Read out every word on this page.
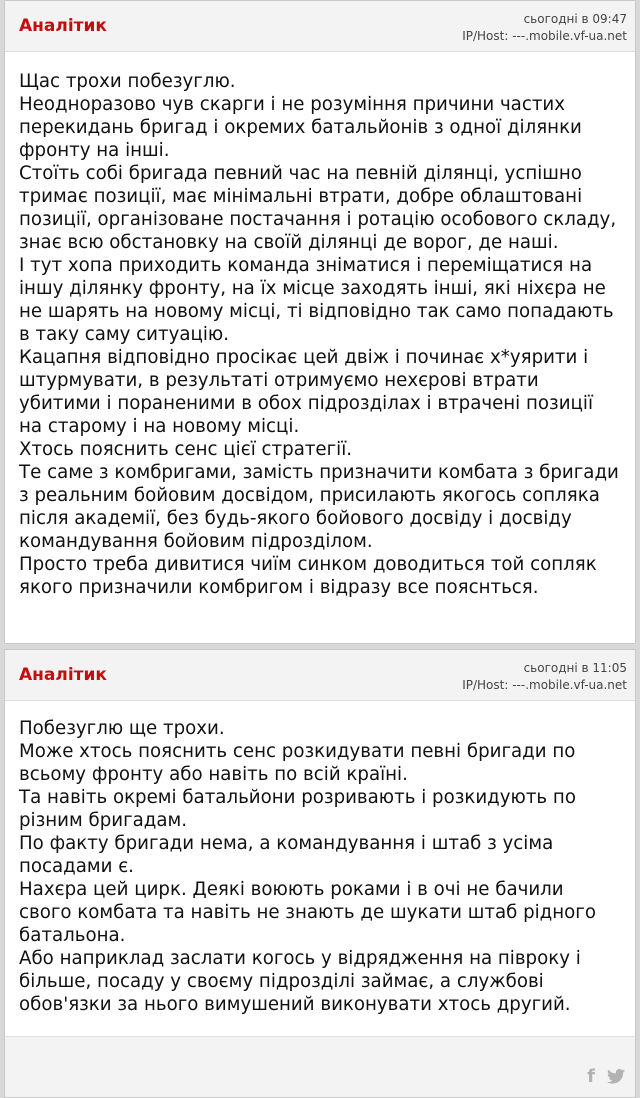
Аналітик	сьогодні в 09:47
IP/Host: ---.mobile.vf-ua.net

Щас трохи побезуглю.

Неодноразово чув скарги і не розуміння причини частих перекидань бригад і окремих батальйонів з одної ділянки фронту на інші.

Стоїть собі бригада певний час на певній ділянці, успішно тримає позиції, має мінімальні втрати, добре облаштовані позиції, організоване постачання і ротацію особового складу, знає всю обстановку на своїй ділянці де ворог, де наші.

І тут хопа приходить команда зніматися і переміщатися на іншу ділянку фронту, на їх місце заходять інші, які ніхєра не не шарять на новому місці, ті відповідно так само попадають в таку саму ситуацію.

Кацапня відповідно просікає цей двіж і починає х*уярити і штурмувати, в результаті отримуємо нехєрові втрати убитими і пораненими в обох підрозділах і втрачені позиції на старому і на новому місці.

Хтось пояснить сенс цієї стратегії.

Те саме з комбригами, замість призначити комбата з бригади з реальним бойовим досвідом, присилають якогось сопляка після академії, без будь-якого бойового досвіду і досвіду командування бойовим підрозділом.

Просто треба дивитися чиїм синком доводиться той сопляк якого призначили комбригом і відразу все пояснться.

Аналітик	сьогодні в 11:05
IP/Host: ---.mobile.vf-ua.net

Побезуглю ще трохи.

Може хтось пояснить сенс розкидувати певні бригади по всьому фронту або навіть по всій країні.

Та навіть окремі батальйони розривають і розкидують по різним бригадам.

По факту бригади нема, а командування і штаб з усіма посадами є.

Нахєра цей цирк. Деякі воюють роками і в очі не бачили свого комбата та навіть не знають де шукати штаб рідного батальона.

Або наприклад заслати когось у відрядження на півроку і більше, посаду у своєму підрозділі займає, а службові обов'язки за нього вимушений виконувати хтось другий.

f
